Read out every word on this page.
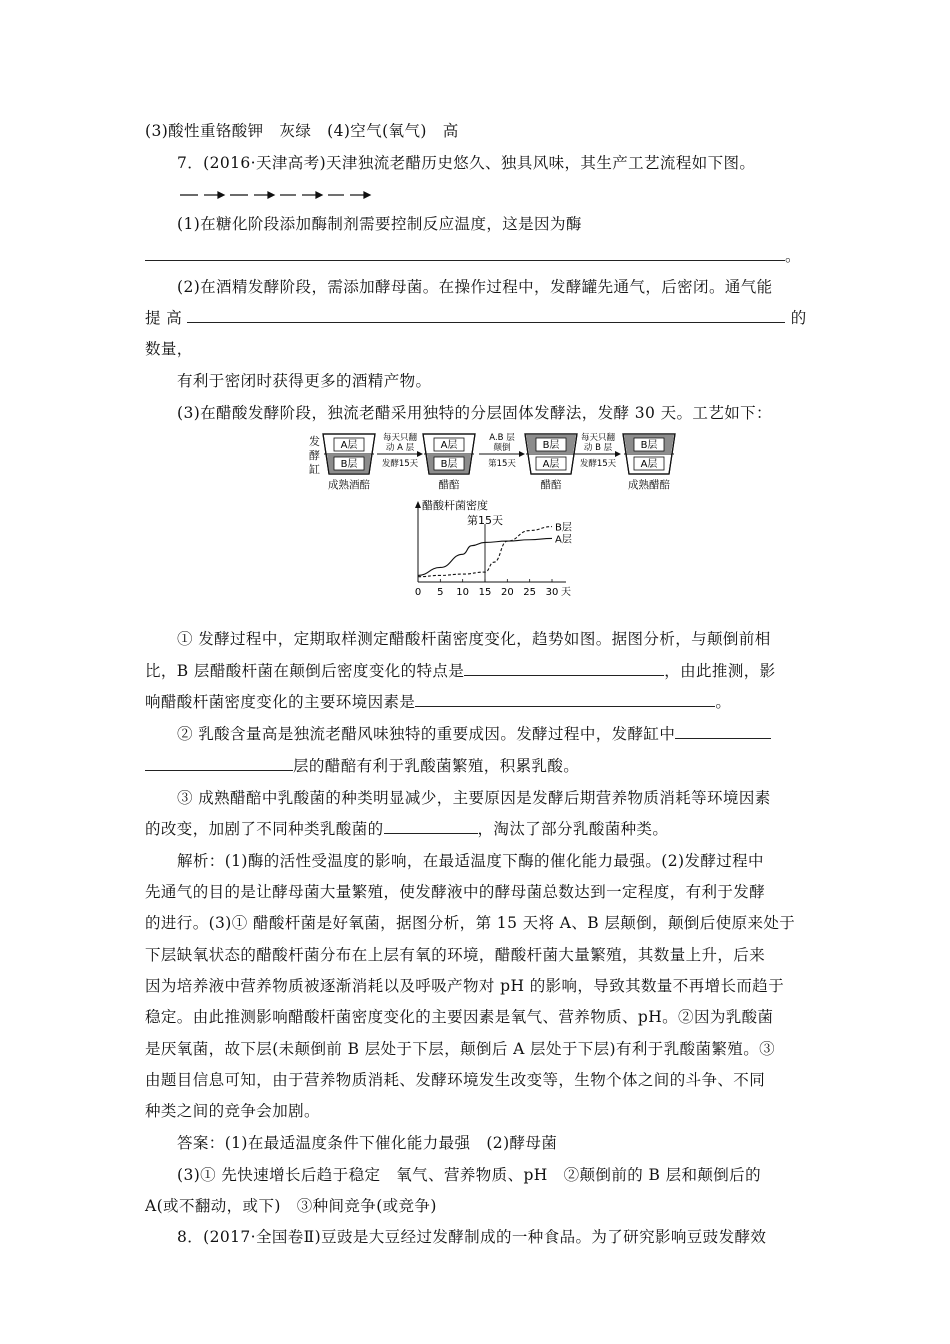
(3)酸性重铬酸钾　灰绿　(4)空气(氧气)　高
7．(2016·天津高考)天津独流老醋历史悠久、独具风味，其生产工艺流程如下图。
(1)在糖化阶段添加酶制剂需要控制反应温度，这是因为酶
。
(2)在酒精发酵阶段，需添加酵母菌。在操作过程中，发酵罐先通气，后密闭。通气能
提 高	的
数量，
有利于密闭时获得更多的酒精产物。
(3)在醋酸发酵阶段，独流老醋采用独特的分层固体发酵法，发酵 30 天。工艺如下：
发
酵
缸
A层
B层
成熟酒醅
A层
B层
醋醅
B层
A层
醋醅
B层
A层
成熟醋醅
每天只翻
动 A 层
发酵15天
A.B 层
颠倒
第15天
每天只翻
动 B 层
发酵15天
醋酸杆菌密度
0 5 10 15 20 25 30 天
A层
B层
第15天
① 发酵过程中，定期取样测定醋酸杆菌密度变化，趋势如图。据图分析，与颠倒前相
比，B 层醋酸杆菌在颠倒后密度变化的特点是	，由此推测，影
响醋酸杆菌密度变化的主要环境因素是	。
② 乳酸含量高是独流老醋风味独特的重要成因。发酵过程中，发酵缸中
层的醋醅有利于乳酸菌繁殖，积累乳酸。
③ 成熟醋醅中乳酸菌的种类明显减少，主要原因是发酵后期营养物质消耗等环境因素
的改变，加剧了不同种类乳酸菌的	，淘汰了部分乳酸菌种类。
解析：(1)酶的活性受温度的影响，在最适温度下酶的催化能力最强。(2)发酵过程中
先通气的目的是让酵母菌大量繁殖，使发酵液中的酵母菌总数达到一定程度，有利于发酵
的进行。(3)① 醋酸杆菌是好氧菌，据图分析，第 15 天将 A、B 层颠倒，颠倒后使原来处于
下层缺氧状态的醋酸杆菌分布在上层有氧的环境，醋酸杆菌大量繁殖，其数量上升，后来
因为培养液中营养物质被逐渐消耗以及呼吸产物对 pH 的影响，导致其数量不再增长而趋于
稳定。由此推测影响醋酸杆菌密度变化的主要因素是氧气、营养物质、pH。②因为乳酸菌
是厌氧菌，故下层(未颠倒前 B 层处于下层，颠倒后 A 层处于下层)有利于乳酸菌繁殖。③
由题目信息可知，由于营养物质消耗、发酵环境发生改变等，生物个体之间的斗争、不同
种类之间的竞争会加剧。
答案：(1)在最适温度条件下催化能力最强　(2)酵母菌
(3)① 先快速增长后趋于稳定　氧气、营养物质、pH　②颠倒前的 B 层和颠倒后的
A(或不翻动，或下)　③种间竞争(或竞争)
8．(2017·全国卷Ⅱ)豆豉是大豆经过发酵制成的一种食品。为了研究影响豆豉发酵效
